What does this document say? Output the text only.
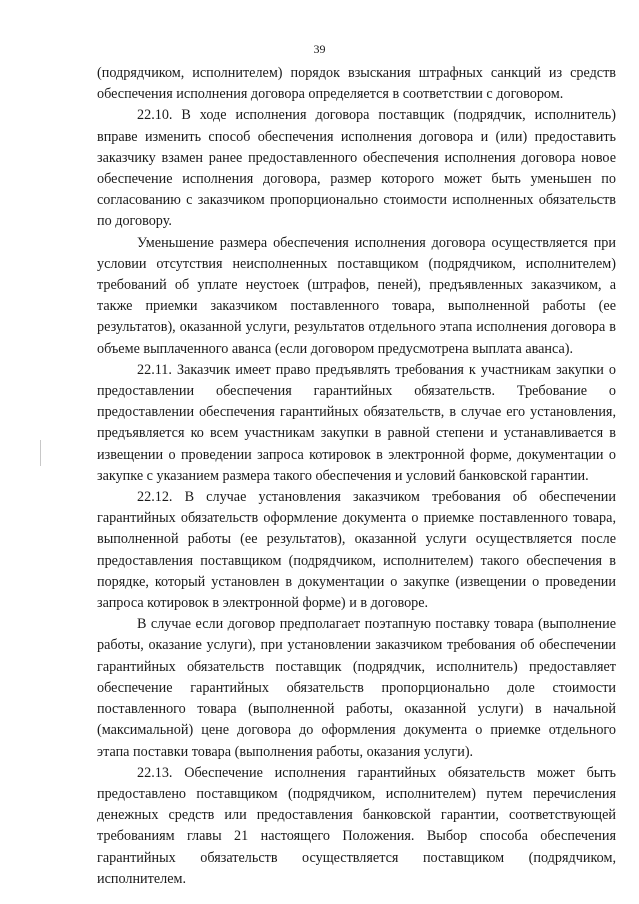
39

(подрядчиком, исполнителем) порядок взыскания штрафных санкций из средств обеспечения исполнения договора определяется в соответствии с договором.

22.10. В ходе исполнения договора поставщик (подрядчик, исполнитель) вправе изменить способ обеспечения исполнения договора и (или) предоставить заказчику взамен ранее предоставленного обеспечения исполнения договора новое обеспечение исполнения договора, размер которого может быть уменьшен по согласованию с заказчиком пропорционально стоимости исполненных обязательств по договору.

Уменьшение размера обеспечения исполнения договора осуществляется при условии отсутствия неисполненных поставщиком (подрядчиком, исполнителем) требований об уплате неустоек (штрафов, пеней), предъявленных заказчиком, а также приемки заказчиком поставленного товара, выполненной работы (ее результатов), оказанной услуги, результатов отдельного этапа исполнения договора в объеме выплаченного аванса (если договором предусмотрена выплата аванса).

22.11. Заказчик имеет право предъявлять требования к участникам закупки о предоставлении обеспечения гарантийных обязательств. Требование о предоставлении обеспечения гарантийных обязательств, в случае его установления, предъявляется ко всем участникам закупки в равной степени и устанавливается в извещении о проведении запроса котировок в электронной форме, документации о закупке с указанием размера такого обеспечения и условий банковской гарантии.

22.12. В случае установления заказчиком требования об обеспечении гарантийных обязательств оформление документа о приемке поставленного товара, выполненной работы (ее результатов), оказанной услуги осуществляется после предоставления поставщиком (подрядчиком, исполнителем) такого обеспечения в порядке, который установлен в документации о закупке (извещении о проведении запроса котировок в электронной форме) и в договоре.

В случае если договор предполагает поэтапную поставку товара (выполнение работы, оказание услуги), при установлении заказчиком требования об обеспечении гарантийных обязательств поставщик (подрядчик, исполнитель) предоставляет обеспечение гарантийных обязательств пропорционально доле стоимости поставленного товара (выполненной работы, оказанной услуги) в начальной (максимальной) цене договора до оформления документа о приемке отдельного этапа поставки товара (выполнения работы, оказания услуги).

22.13. Обеспечение исполнения гарантийных обязательств может быть предоставлено поставщиком (подрядчиком, исполнителем) путем перечисления денежных средств или предоставления банковской гарантии, соответствующей требованиям главы 21 настоящего Положения. Выбор способа обеспечения гарантийных обязательств осуществляется поставщиком (подрядчиком, исполнителем.
